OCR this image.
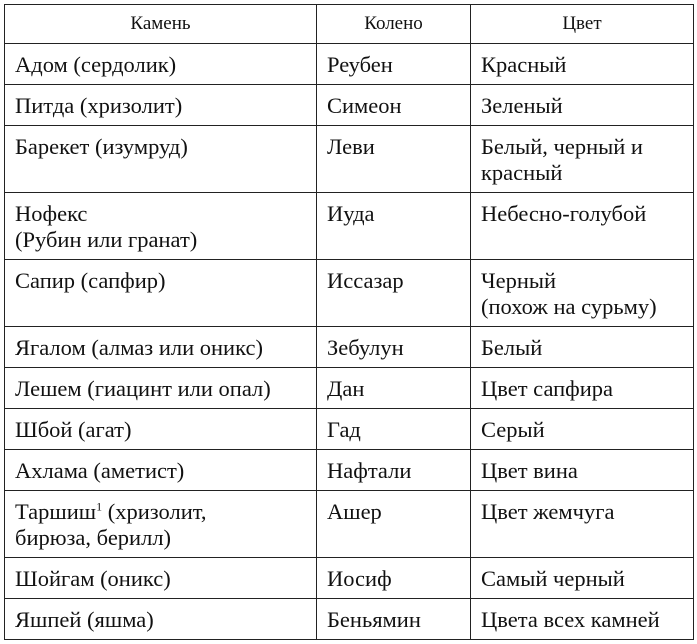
Камень	Колено	Цвет

Адом (сердолик)	Реубен	Красный

Питда (хризолит)	Симеон	Зеленый

Барекет (изумруд)	Леви	Белый, черный и
красный

Нофекс
(Рубин или гранат)	Иуда	Небесно-голубой

Сапир (сапфир)	Иссазар	Черный
(похож на сурьму)

Ягалом (алмаз или оникс)	Зебулун	Белый

Лешем (гиацинт или опал)	Дан	Цвет сапфира

Шбой (агат)	Гад	Серый

Ахлама (аметист)	Нафтали	Цвет вина

Таршиш$^1$ (хризолит,
бирюза, берилл)	Ашер	Цвет жемчуга

Шойгам (оникс)	Иосиф	Самый черный

Яшпей (яшма)	Беньямин	Цвета всех камней
